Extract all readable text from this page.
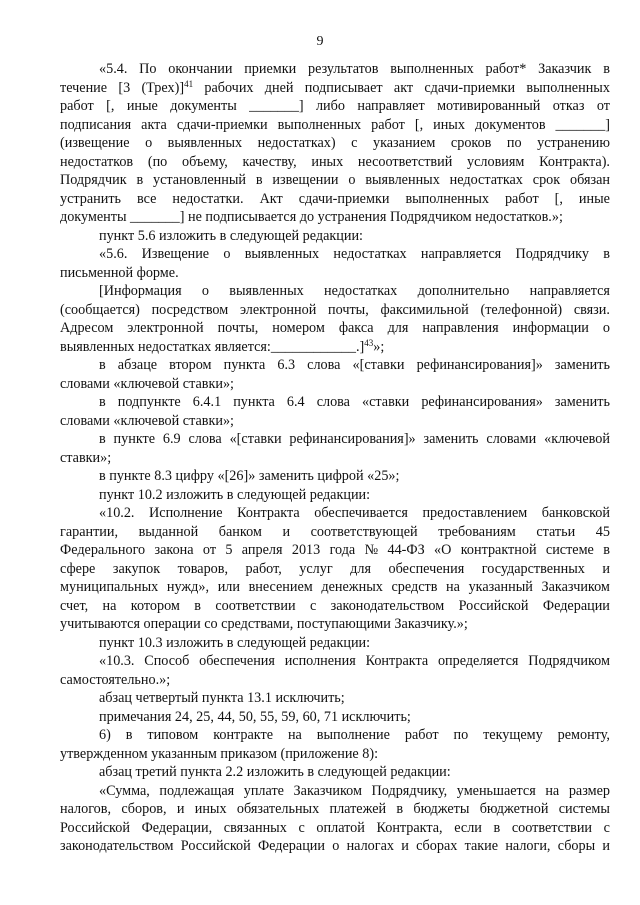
9
«5.4. По окончании приемки результатов выполненных работ* Заказчик в
течение [3 (Трех)]$^{41}$ рабочих дней подписывает акт сдачи-приемки выполненных
работ [, иные документы _______] либо направляет мотивированный отказ от
подписания акта сдачи-приемки выполненных работ [, иных документов _______]
(извещение о выявленных недостатках) с указанием сроков по устранению
недостатков (по объему, качеству, иных несоответствий условиям Контракта).
Подрядчик в установленный в извещении о выявленных недостатках срок обязан
устранить все недостатки. Акт сдачи-приемки выполненных работ [, иные
документы _______] не подписывается до устранения Подрядчиком недостатков.»;
пункт 5.6 изложить в следующей редакции:
«5.6. Извещение о выявленных недостатках направляется Подрядчику в
письменной форме.
[Информация о выявленных недостатках дополнительно направляется
(сообщается) посредством электронной почты, факсимильной (телефонной) связи.
Адресом электронной почты, номером факса для направления информации о
выявленных недостатках является:____________.]$^{43}$»;
в абзаце втором пункта 6.3 слова «[ставки рефинансирования]» заменить
словами «ключевой ставки»;
в подпункте 6.4.1 пункта 6.4 слова «ставки рефинансирования» заменить
словами «ключевой ставки»;
в пункте 6.9 слова «[ставки рефинансирования]» заменить словами «ключевой
ставки»;
в пункте 8.3 цифру «[26]» заменить цифрой «25»;
пункт 10.2 изложить в следующей редакции:
«10.2. Исполнение Контракта обеспечивается предоставлением банковской
гарантии, выданной банком и соответствующей требованиям статьи 45
Федерального закона от 5 апреля 2013 года № 44-ФЗ «О контрактной системе в
сфере закупок товаров, работ, услуг для обеспечения государственных и
муниципальных нужд», или внесением денежных средств на указанный Заказчиком
счет, на котором в соответствии с законодательством Российской Федерации
учитываются операции со средствами, поступающими Заказчику.»;
пункт 10.3 изложить в следующей редакции:
«10.3. Способ обеспечения исполнения Контракта определяется Подрядчиком
самостоятельно.»;
абзац четвертый пункта 13.1 исключить;
примечания 24, 25, 44, 50, 55, 59, 60, 71 исключить;
6) в типовом контракте на выполнение работ по текущему ремонту,
утвержденном указанным приказом (приложение 8):
абзац третий пункта 2.2 изложить в следующей редакции:
«Сумма, подлежащая уплате Заказчиком Подрядчику, уменьшается на размер
налогов, сборов, и иных обязательных платежей в бюджеты бюджетной системы
Российской Федерации, связанных с оплатой Контракта, если в соответствии с
законодательством Российской Федерации о налогах и сборах такие налоги, сборы и
